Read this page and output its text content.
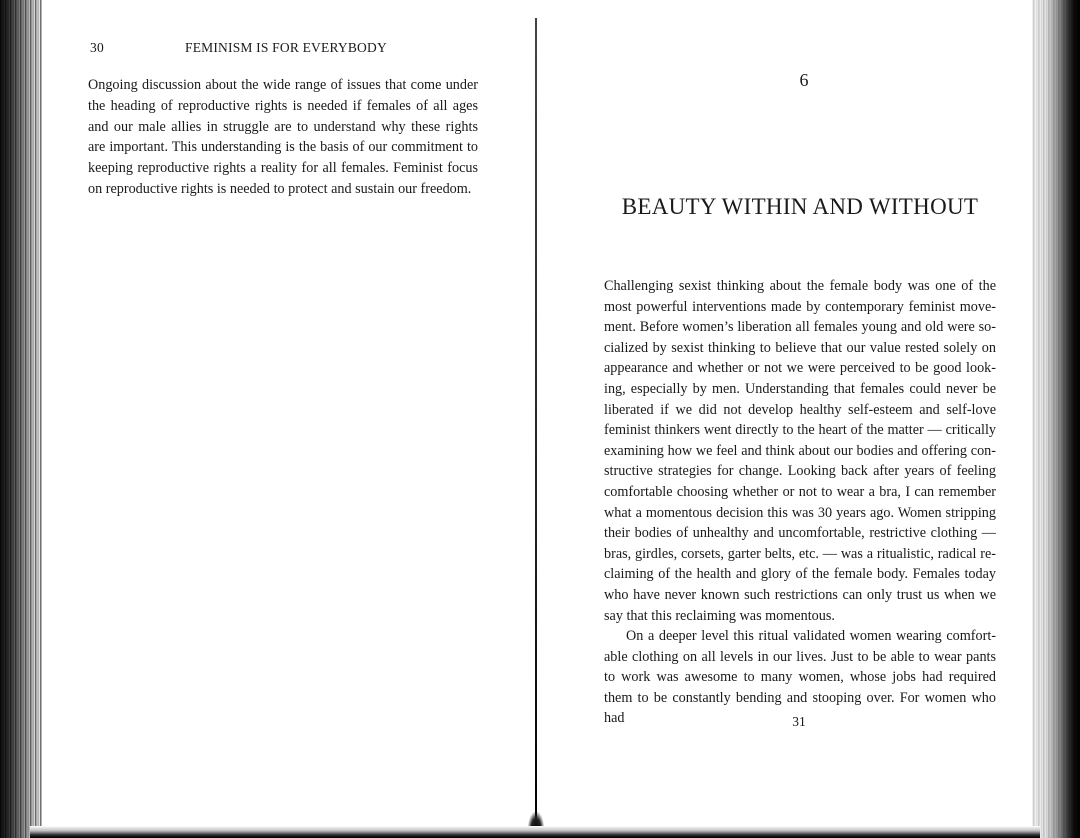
30	FEMINISM IS FOR EVERYBODY
Ongoing discussion about the wide range of issues that come under the heading of reproductive rights is needed if females of all ages and our male allies in struggle are to understand why these rights are important. This understanding is the basis of our commitment to keeping reproductive rights a reality for all females. Feminist focus on reproductive rights is needed to protect and sustain our freedom.
6
BEAUTY WITHIN AND WITHOUT

Challenging sexist thinking about the female body was one of the most powerful interventions made by contemporary feminist movement. Before women’s liberation all females young and old were socialized by sexist thinking to believe that our value rested solely on appearance and whether or not we were perceived to be good looking, especially by men. Understanding that females could never be liberated if we did not develop healthy self-esteem and self-love feminist thinkers went directly to the heart of the matter — critically examining how we feel and think about our bodies and offering constructive strategies for change. Looking back after years of feeling comfortable choosing whether or not to wear a bra, I can remember what a momentous decision this was 30 years ago. Women stripping their bodies of unhealthy and uncomfortable, restrictive clothing — bras, girdles, corsets, garter belts, etc. — was a ritualistic, radical reclaiming of the health and glory of the female body. Females today who have never known such restrictions can only trust us when we say that this reclaiming was momentous.

On a deeper level this ritual validated women wearing comfortable clothing on all levels in our lives. Just to be able to wear pants to work was awesome to many women, whose jobs had required them to be constantly bending and stooping over. For women who had	31
